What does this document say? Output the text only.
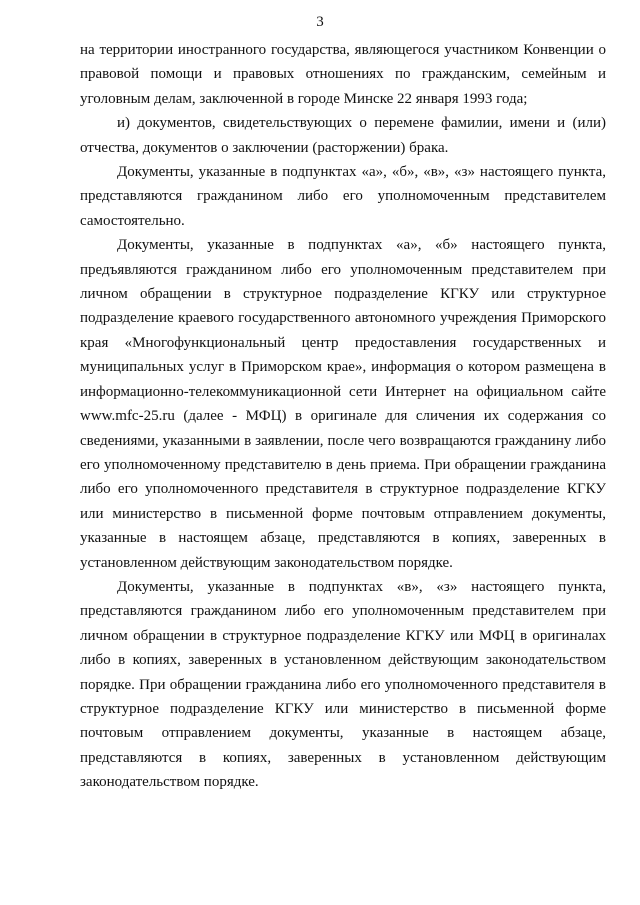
3

на территории иностранного государства, являющегося участником Конвенции о правовой помощи и правовых отношениях по гражданским, семейным и уголовным делам, заключенной в городе Минске 22 января 1993 года;

и) документов, свидетельствующих о перемене фамилии, имени и (или) отчества, документов о заключении (расторжении) брака.

Документы, указанные в подпунктах «а», «б», «в», «з» настоящего пункта, представляются гражданином либо его уполномоченным представителем самостоятельно.

Документы, указанные в подпунктах «а», «б» настоящего пункта, предъявляются гражданином либо его уполномоченным представителем при личном обращении в структурное подразделение КГКУ или структурное подразделение краевого государственного автономного учреждения Приморского края «Многофункциональный центр предоставления государственных и муниципальных услуг в Приморском крае», информация о котором размещена в информационно-телекоммуникационной сети Интернет на официальном сайте www.mfc-25.ru (далее - МФЦ) в оригинале для сличения их содержания со сведениями, указанными в заявлении, после чего возвращаются гражданину либо его уполномоченному представителю в день приема. При обращении гражданина либо его уполномоченного представителя в структурное подразделение КГКУ или министерство в письменной форме почтовым отправлением документы, указанные в настоящем абзаце, представляются в копиях, заверенных в установленном действующим законодательством порядке.

Документы, указанные в подпунктах «в», «з» настоящего пункта, представляются гражданином либо его уполномоченным представителем при личном обращении в структурное подразделение КГКУ или МФЦ в оригиналах либо в копиях, заверенных в установленном действующим законодательством порядке. При обращении гражданина либо его уполномоченного представителя в структурное подразделение КГКУ или министерство в письменной форме почтовым отправлением документы, указанные в настоящем абзаце, представляются в копиях, заверенных в установленном действующим законодательством порядке.
